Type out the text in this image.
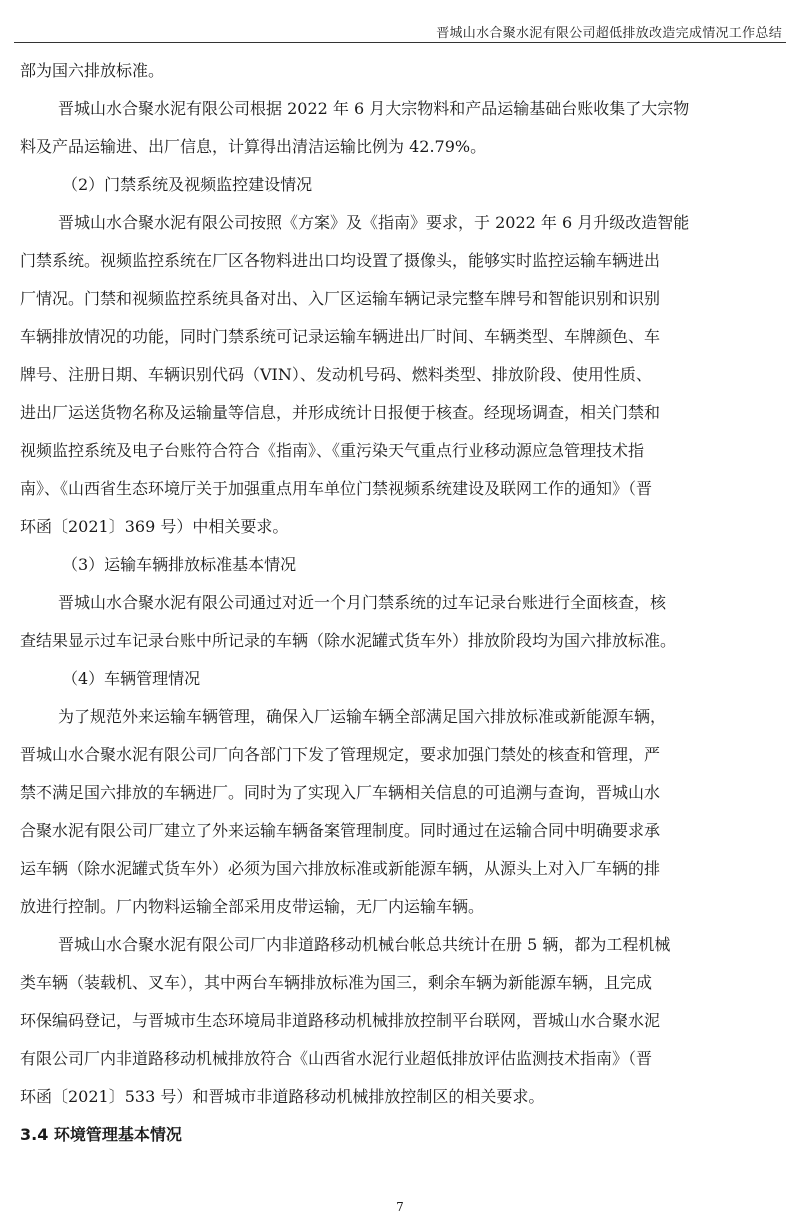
晋城山水合聚水泥有限公司超低排放改造完成情况工作总结
部为国六排放标准。
晋城山水合聚水泥有限公司根据 2022 年 6 月大宗物料和产品运输基础台账收集了大宗物
料及产品运输进、出厂信息，计算得出清洁运输比例为 42.79%。
（2）门禁系统及视频监控建设情况
晋城山水合聚水泥有限公司按照《方案》及《指南》要求，于 2022 年 6 月升级改造智能
门禁系统。视频监控系统在厂区各物料进出口均设置了摄像头，能够实时监控运输车辆进出
厂情况。门禁和视频监控系统具备对出、入厂区运输车辆记录完整车牌号和智能识别和识别
车辆排放情况的功能，同时门禁系统可记录运输车辆进出厂时间、车辆类型、车牌颜色、车
牌号、注册日期、车辆识别代码（VIN）、发动机号码、燃料类型、排放阶段、使用性质、
进出厂运送货物名称及运输量等信息，并形成统计日报便于核查。经现场调查，相关门禁和
视频监控系统及电子台账符合符合《指南》、《重污染天气重点行业移动源应急管理技术指
南》、《山西省生态环境厅关于加强重点用车单位门禁视频系统建设及联网工作的通知》（晋
环函〔2021〕369 号）中相关要求。
（3）运输车辆排放标准基本情况
晋城山水合聚水泥有限公司通过对近一个月门禁系统的过车记录台账进行全面核查，核
查结果显示过车记录台账中所记录的车辆（除水泥罐式货车外）排放阶段均为国六排放标准。
（4）车辆管理情况
为了规范外来运输车辆管理，确保入厂运输车辆全部满足国六排放标准或新能源车辆，
晋城山水合聚水泥有限公司厂向各部门下发了管理规定，要求加强门禁处的核查和管理，严
禁不满足国六排放的车辆进厂。同时为了实现入厂车辆相关信息的可追溯与查询，晋城山水
合聚水泥有限公司厂建立了外来运输车辆备案管理制度。同时通过在运输合同中明确要求承
运车辆（除水泥罐式货车外）必须为国六排放标准或新能源车辆，从源头上对入厂车辆的排
放进行控制。厂内物料运输全部采用皮带运输，无厂内运输车辆。
晋城山水合聚水泥有限公司厂内非道路移动机械台帐总共统计在册 5 辆，都为工程机械
类车辆（装载机、叉车），其中两台车辆排放标准为国三，剩余车辆为新能源车辆，且完成
环保编码登记，与晋城市生态环境局非道路移动机械排放控制平台联网，晋城山水合聚水泥
有限公司厂内非道路移动机械排放符合《山西省水泥行业超低排放评估监测技术指南》（晋
环函〔2021〕533 号）和晋城市非道路移动机械排放控制区的相关要求。
3.4 环境管理基本情况
7
